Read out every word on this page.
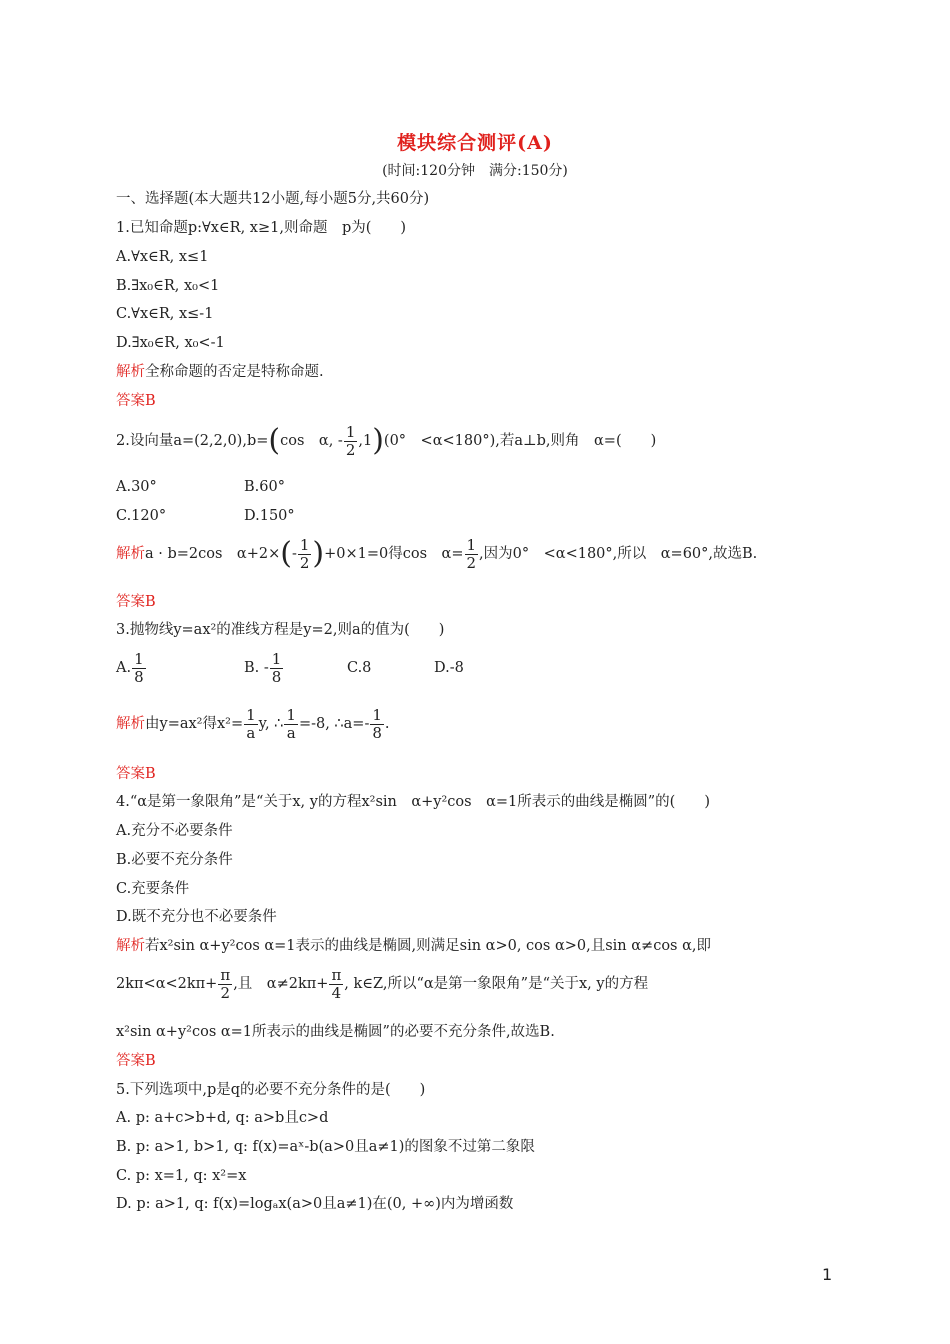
模块综合测评(A)
(时间:120分钟　满分:150分)
一、选择题(本大题共12小题,每小题5分,共60分)
1.已知命题p:∀x∈R, x≥1,则命题　p为(　　)
A.∀x∈R, x≤1
B.∃x₀∈R, x₀<1
C.∀x∈R, x≤-1
D.∃x₀∈R, x₀<-1
解析全称命题的否定是特称命题.
答案B
2.设向量a=(2,2,0),b=(cos　α, - $\frac{1}{2} ,1)(0^\circ$　<α<180°),若a⊥b,则角　α=(　　)
A.30°	B.60°
C.120°	D.150°
解析a · b=2cos　$\alpha+2\times(- \frac{1}{2} )+0\times 1=0$得cos　$\alpha= \frac{1}{2}$ ,因为0°　<α<180°,所以　α=60°,故选B.
答案B
3.抛物线y=ax²的准线方程是y=2,则a的值为(　　)
A. $\frac{1}{8}$	B. - $\frac{1}{8}$	C.8	D.-8
解析由y=ax²得$x^2= \frac{1}{a} y$, ∴ $\frac{1}{a} =-8$, ∴a=- $\frac{1}{8}$ .
答案B
4.“α是第一象限角”是“关于x, y的方程x²sin　α+y²cos　α=1所表示的曲线是椭圆”的(　　)
A.充分不必要条件
B.必要不充分条件
C.充要条件
D.既不充分也不必要条件
解析若x²sin α+y²cos α=1表示的曲线是椭圆,则满足sin α>0, cos α>0,且sin α≠cos α,即
$2k\pi<\alpha<2k\pi+ \frac{\pi}{2}$ ,且　$\alpha\ne 2k\pi+ \frac{\pi}{4}$ , k∈Z,所以“α是第一象限角”是“关于x, y的方程
x²sin α+y²cos α=1所表示的曲线是椭圆”的必要不充分条件,故选B.
答案B
5.下列选项中,p是q的必要不充分条件的是(　　)
A. p: a+c>b+d, q: a>b且c>d
B. p: a>1, b>1, q: f(x)=aˣ-b(a>0且a≠1)的图象不过第二象限
C. p: x=1, q: x²=x
D. p: a>1, q: f(x)=logₐx(a>0且a≠1)在(0, +∞)内为增函数
1
